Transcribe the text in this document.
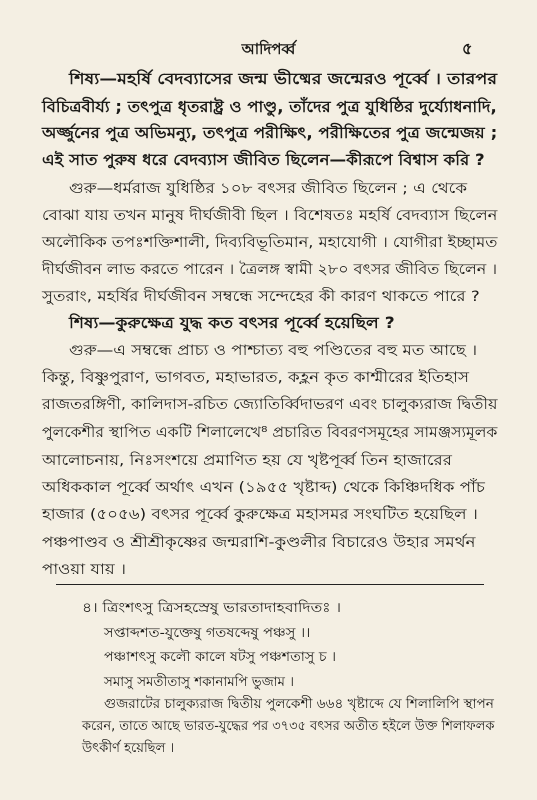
আদিপৰ্ব্ব	৫
শিষ্য—মহর্ষি বেদব্যাসের জন্ম ভীষ্মের জন্মেরও পূর্ব্বে । তারপর
বিচিত্রবীর্য্য ; তৎপুত্র ধৃতরাষ্ট্র ও পাণ্ডু, তাঁদের পুত্র যুধিষ্ঠির দুর্য্যোধনাদি,
অর্জ্জুনের পুত্র অভিমন্যু, তৎপুত্র পরীক্ষিৎ, পরীক্ষিতের পুত্র জন্মেজয় ;
এই সাত পুরুষ ধরে বেদব্যাস জীবিত ছিলেন—কীরূপে বিশ্বাস করি ?
গুরু—ধর্মরাজ যুধিষ্ঠির ১০৮ বৎসর জীবিত ছিলেন ; এ থেকে
বোঝা যায় তখন মানুষ দীর্ঘজীবী ছিল । বিশেষতঃ মহর্ষি বেদব্যাস ছিলেন
অলৌকিক তপঃশক্তিশালী, দিব্যবিভূতিমান, মহাযোগী । যোগীরা ইচ্ছামত
দীর্ঘজীবন লাভ করতে পারেন । ত্রৈলঙ্গ স্বামী ২৮০ বৎসর জীবিত ছিলেন ।
সুতরাং, মহর্ষির দীর্ঘজীবন সম্বন্ধে সন্দেহের কী কারণ থাকতে পারে ?
শিষ্য—কুরুক্ষেত্র যুদ্ধ কত বৎসর পূর্ব্বে হয়েছিল ?
গুরু—এ সম্বন্ধে প্রাচ্য ও পাশ্চাত্য বহু পণ্ডিতের বহু মত আছে ।
কিন্তু, বিষ্ণুপুরাণ, ভাগবত, মহাভারত, কহ্লন কৃত কাশ্মীরের ইতিহাস
রাজতরঙ্গিণী, কালিদাস-রচিত জ্যোতির্ব্বিদাভরণ এবং চালুক্যরাজ দ্বিতীয়
পুলকেশীর স্থাপিত একটি শিলালেখে⁸ প্রচারিত বিবরণসমূহের সামঞ্জস্যমূলক
আলোচনায়, নিঃসংশয়ে প্রমাণিত হয় যে খৃষ্টপূর্ব্ব তিন হাজারের
অধিককাল পূর্ব্বে অর্থাৎ এখন (১৯৫৫ খৃষ্টাব্দ) থেকে কিঞ্চিদধিক পাঁচ
হাজার (৫০৫৬) বৎসর পূর্ব্বে কুরুক্ষেত্র মহাসমর সংঘটিত হয়েছিল ।
পঞ্চপাণ্ডব ও শ্রীশ্রীকৃষ্ণের জন্মরাশি-কুণ্ডলীর বিচারেও উহার সমর্থন
পাওয়া যায় ।
৪। ত্রিংশৎসু ত্রিসহস্রেষু ভারতাদাহবাদিতঃ ।
সপ্তাব্দশত-যুক্তেষু গতষব্দেষু পঞ্চসু ।।
পঞ্চাশৎসু কলৌ কালে ষটসু পঞ্চশতাসু চ ।
সমাসু সমতীতাসু শকানামপি ভুজাম ।
গুজরাটের চালুক্যরাজ দ্বিতীয় পুলকেশী ৬৬৪ খৃষ্টাব্দে যে শিলালিপি স্থাপন
করেন, তাতে আছে ভারত-যুদ্ধের পর ৩৭৩৫ বৎসর অতীত হইলে উক্ত শিলাফলক
উৎকীর্ণ হয়েছিল ।
